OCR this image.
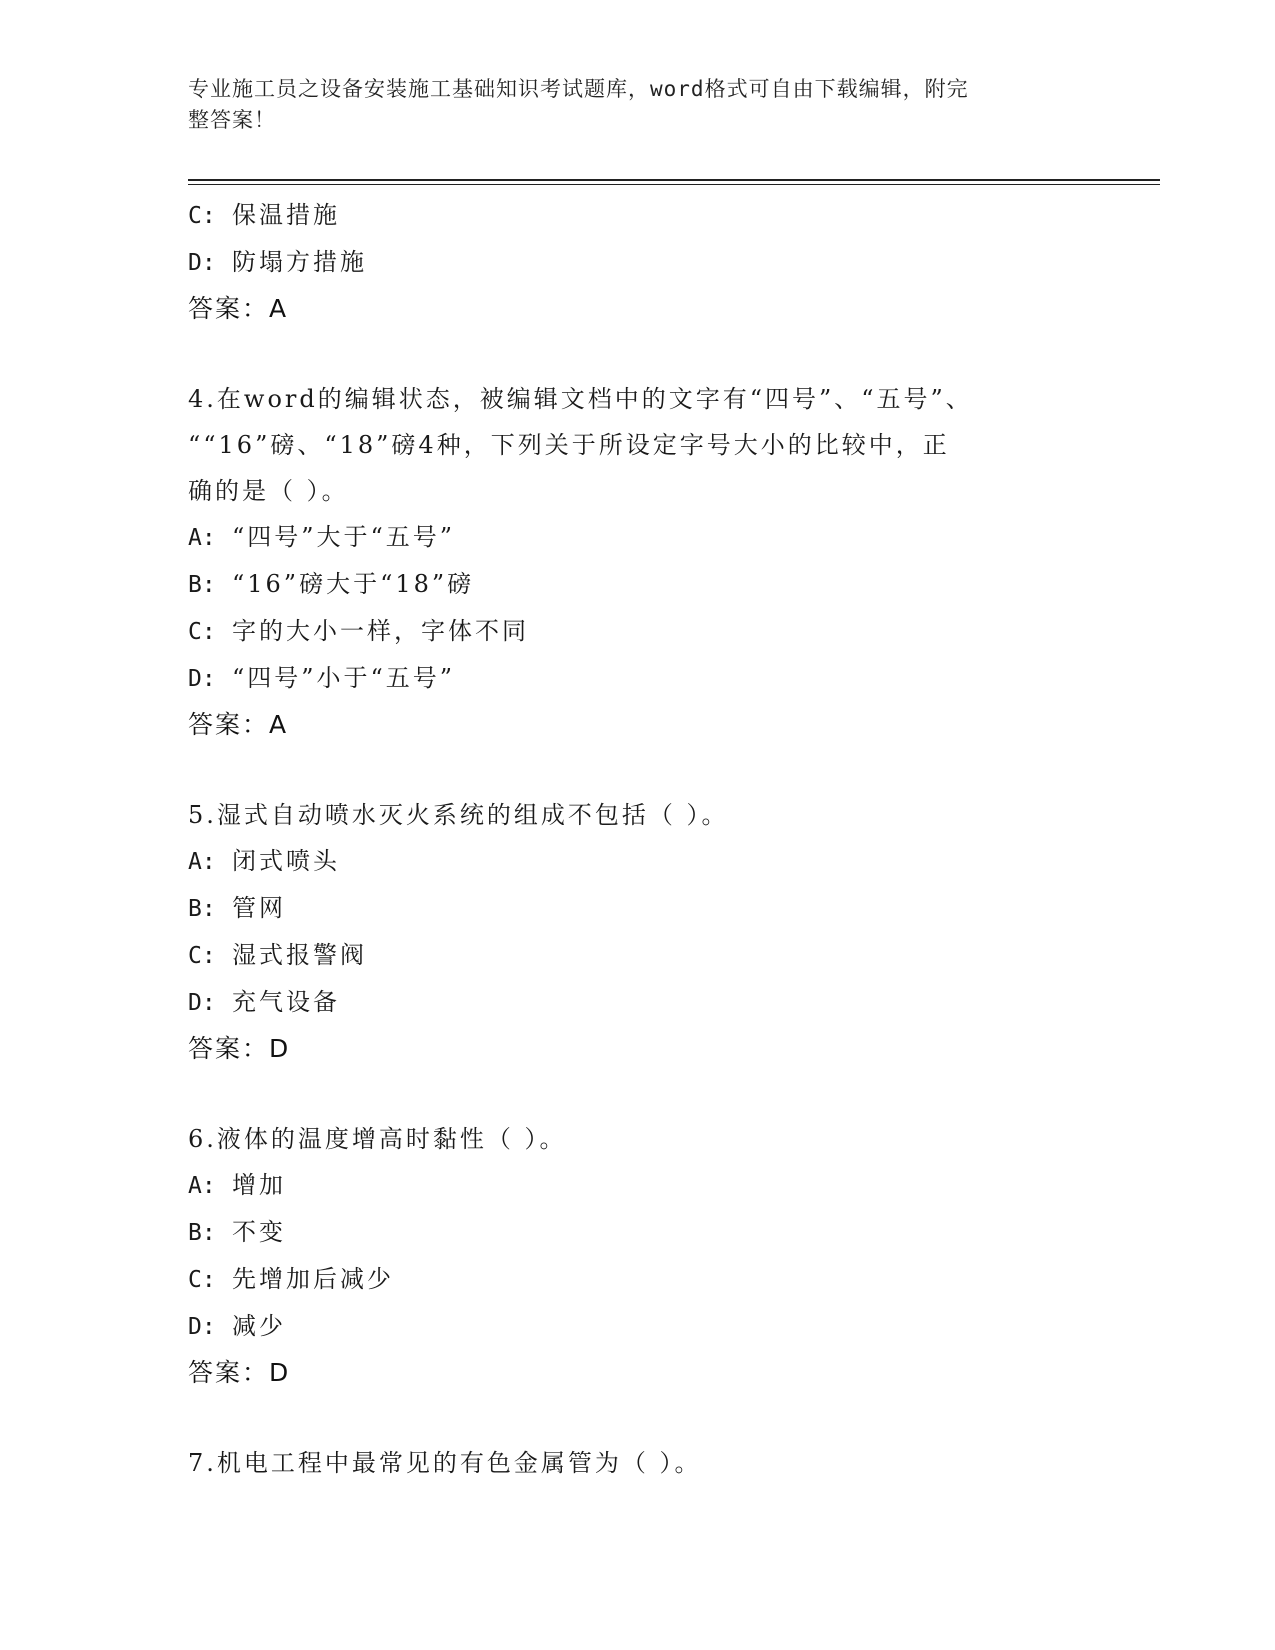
专业施工员之设备安装施工基础知识考试题库，word格式可自由下载编辑，附完
整答案！
C: 保温措施
D: 防塌方措施
答案：A
4.在word的编辑状态，被编辑文档中的文字有“四号”、“五号”、
““16”磅、“18”磅4种，下列关于所设定字号大小的比较中，正
确的是（ ）。
A: “四号”大于“五号”
B: “16”磅大于“18”磅
C: 字的大小一样，字体不同
D: “四号”小于“五号”
答案：A
5.湿式自动喷水灭火系统的组成不包括（ ）。
A: 闭式喷头
B: 管网
C: 湿式报警阀
D: 充气设备
答案：D
6.液体的温度增高时黏性（ ）。
A: 增加
B: 不变
C: 先增加后减少
D: 减少
答案：D
7.机电工程中最常见的有色金属管为（ ）。
